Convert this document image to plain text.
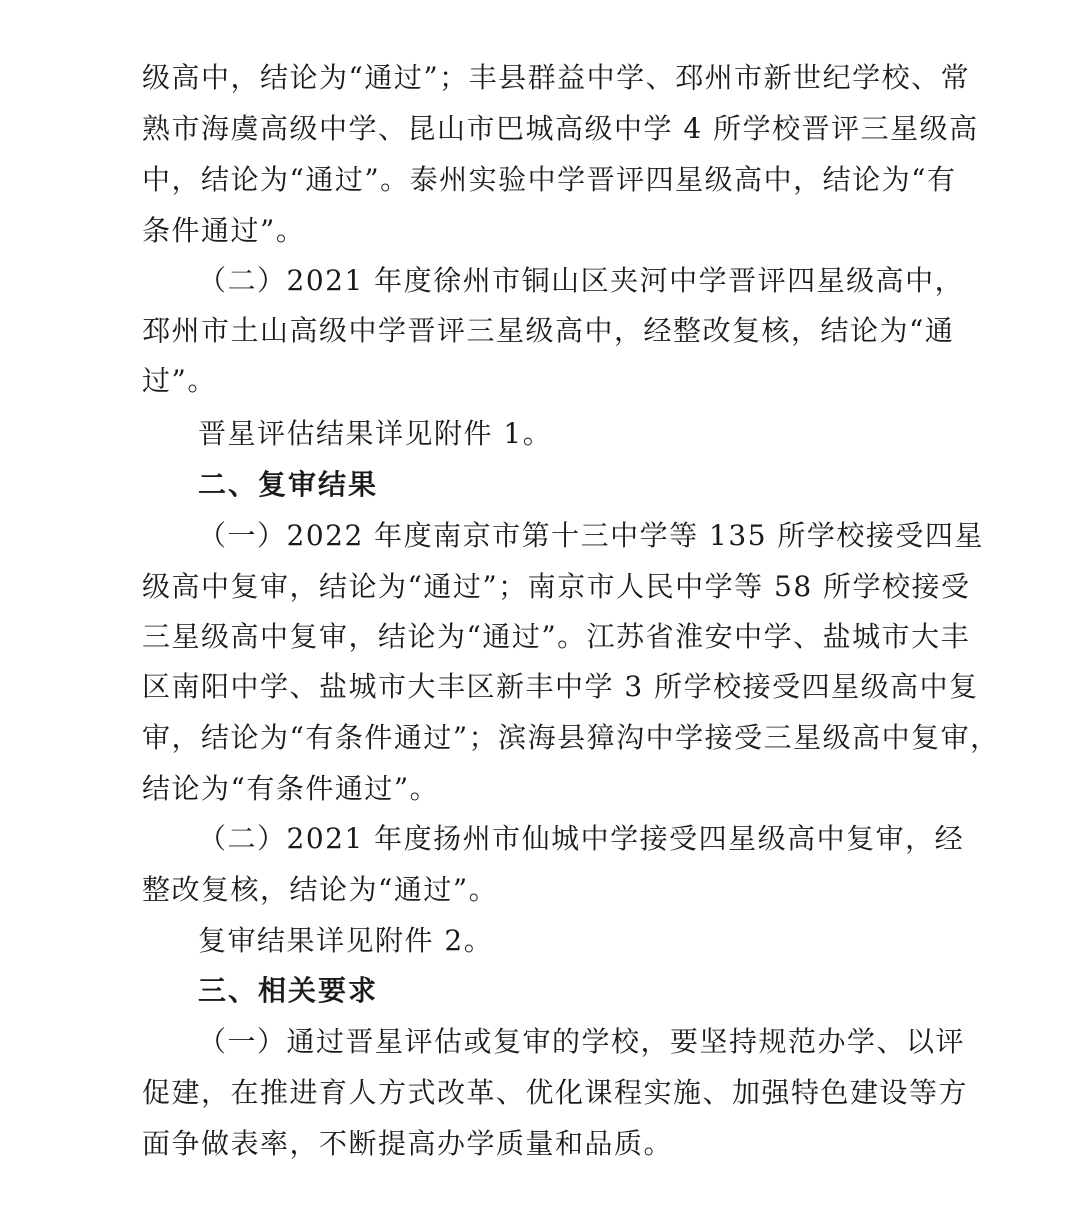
级高中，结论为“通过”；丰县群益中学、邳州市新世纪学校、常
熟市海虞高级中学、昆山市巴城高级中学 4 所学校晋评三星级高
中，结论为“通过”。泰州实验中学晋评四星级高中，结论为“有
条件通过”。
（二）2021 年度徐州市铜山区夹河中学晋评四星级高中，
邳州市土山高级中学晋评三星级高中，经整改复核，结论为“通
过”。
晋星评估结果详见附件 1。
二、复审结果
（一）2022 年度南京市第十三中学等 135 所学校接受四星
级高中复审，结论为“通过”；南京市人民中学等 58 所学校接受
三星级高中复审，结论为“通过”。江苏省淮安中学、盐城市大丰
区南阳中学、盐城市大丰区新丰中学 3 所学校接受四星级高中复
审，结论为“有条件通过”；滨海县獐沟中学接受三星级高中复审，
结论为“有条件通过”。
（二）2021 年度扬州市仙城中学接受四星级高中复审，经
整改复核，结论为“通过”。
复审结果详见附件 2。
三、相关要求
（一）通过晋星评估或复审的学校，要坚持规范办学、以评
促建，在推进育人方式改革、优化课程实施、加强特色建设等方
面争做表率，不断提高办学质量和品质。
